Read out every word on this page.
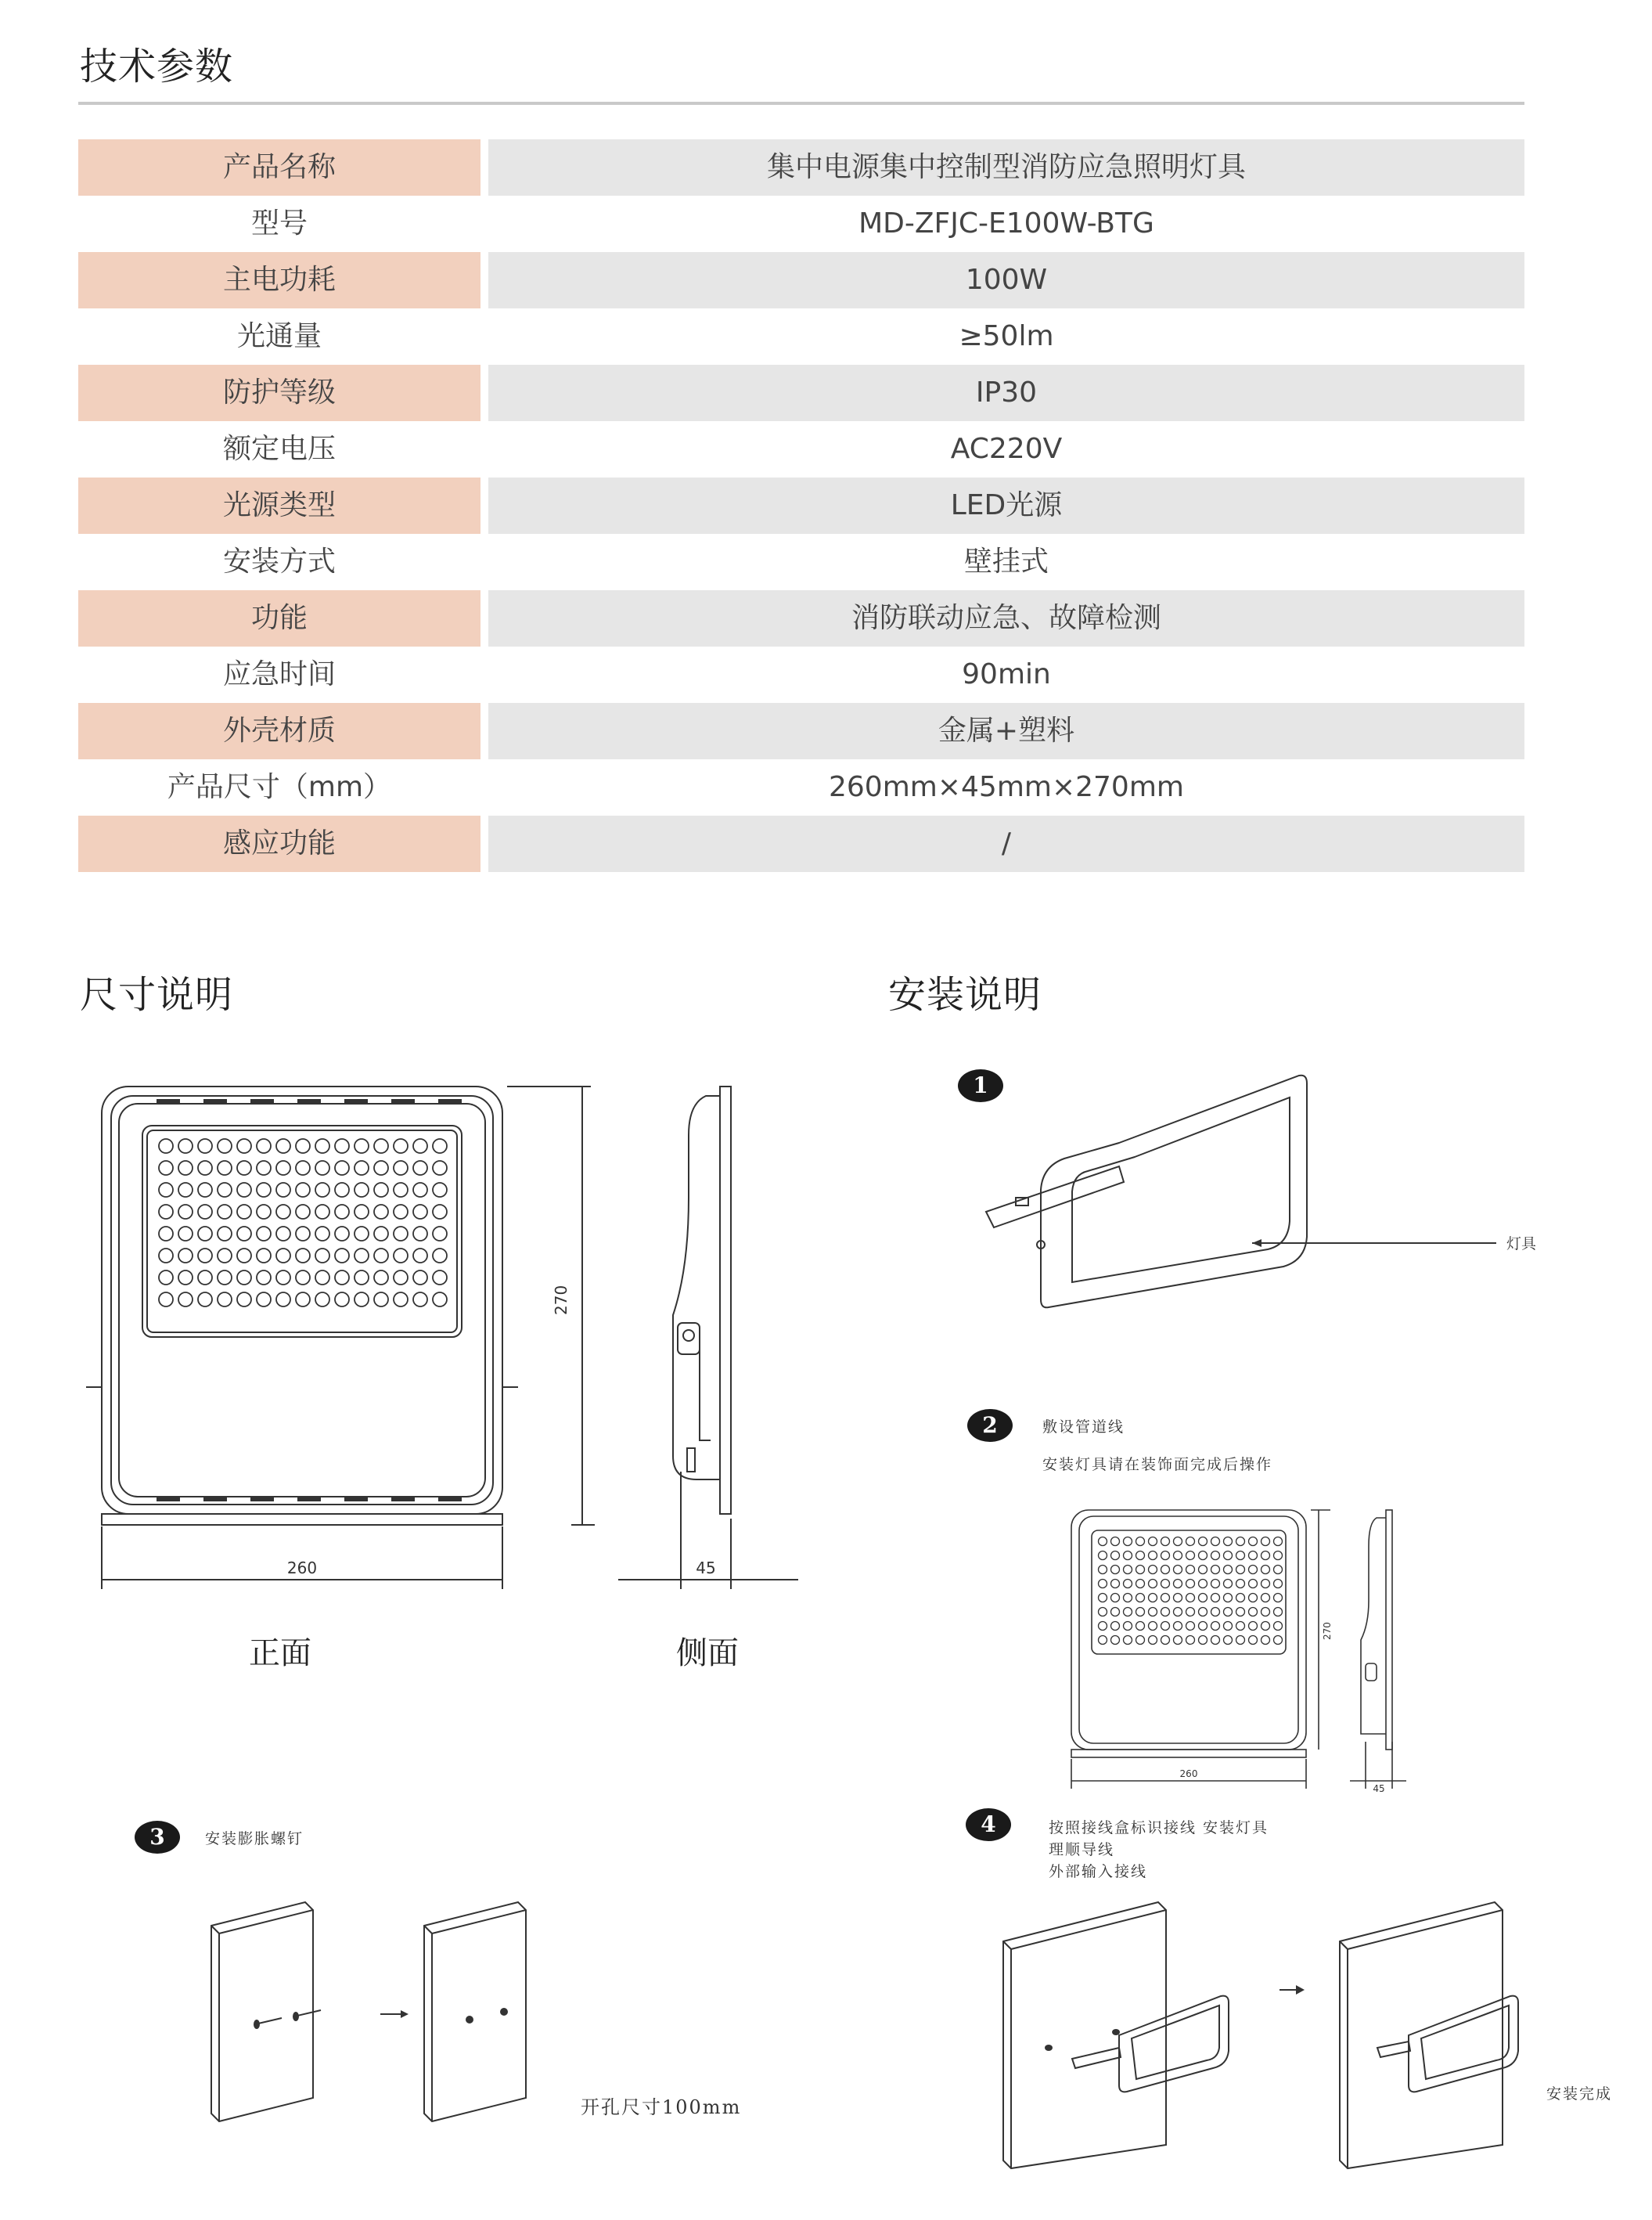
技术参数
产品名称	集中电源集中控制型消防应急照明灯具
型号	MD-ZFJC-E100W-BTG
主电功耗	100W
光通量	≥50lm
防护等级	IP30
额定电压	AC220V
光源类型	LED光源
安装方式	壁挂式
功能	消防联动应急、故障检测
应急时间	90min
外壳材质	金属+塑料
产品尺寸（mm）	260mm×45mm×270mm
感应功能	/
尺寸说明	安装说明
260
270
45
正面	侧面
1
灯具
2	敷设管道线
安装灯具请在装饰面完成后操作
260
270
45
3	安装膨胀螺钉
开孔尺寸100mm
4	按照接线盒标识接线 安装灯具
理顺导线
外部输入接线
安装完成
